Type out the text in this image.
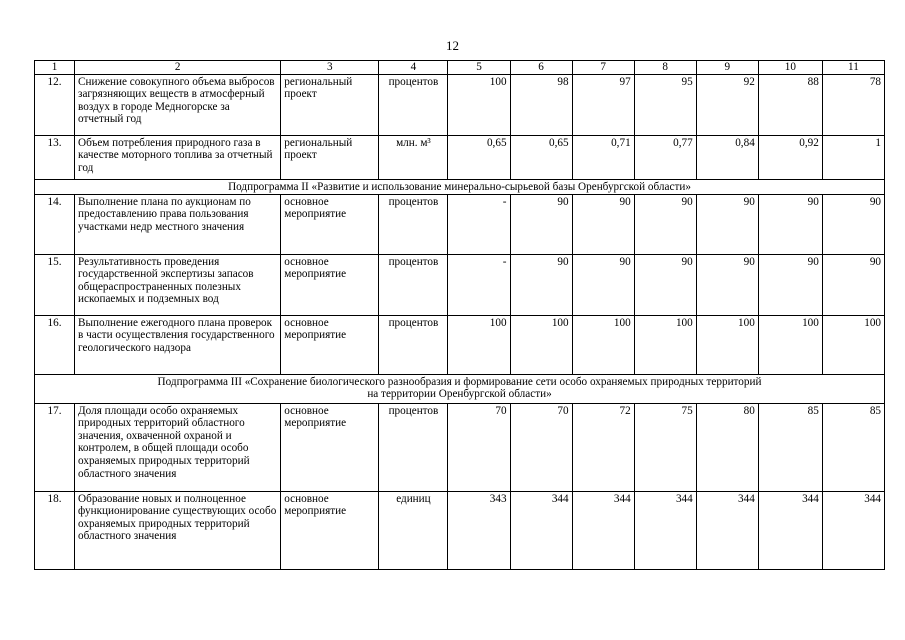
12
1	2	3	4	5	6	7	8	9	10	11
12.	Снижение совокупного объема выбросов загрязняющих веществ в атмосферный воздух в городе Медногорске за отчетный год	региональный проект	процентов	100	98	97	95	92	88	78
13.	Объем потребления природного газа в качестве моторного топлива за отчетный год	региональный проект	млн. м³	0,65	0,65	0,71	0,77	0,84	0,92	1
Подпрограмма II «Развитие и использование минерально-сырьевой базы Оренбургской области»										
14.	Выполнение плана по аукционам по предоставлению права пользования участками недр местного значения	основное мероприятие	процентов	-	90	90	90	90	90	90
15.	Результативность проведения государственной экспертизы запасов общераспространенных полезных ископаемых и подземных вод	основное мероприятие	процентов	-	90	90	90	90	90	90
16.	Выполнение ежегодного плана проверок в части осуществления государственного геологического надзора	основное мероприятие	процентов	100	100	100	100	100	100	100

Подпрограмма III «Сохранение биологического разнообразия и формирование сети особо охраняемых природных территорий
на территории Оренбургской области»										

17.	Доля площади особо охраняемых природных территорий областного значения, охваченной охраной и контролем, в общей площади особо охраняемых природных территорий областного значения	основное мероприятие	процентов	70	70	72	75	80	85	85
18.	Образование новых и полноценное функционирование существующих особо охраняемых природных территорий областного значения	основное мероприятие	единиц	343	344	344	344	344	344	344
